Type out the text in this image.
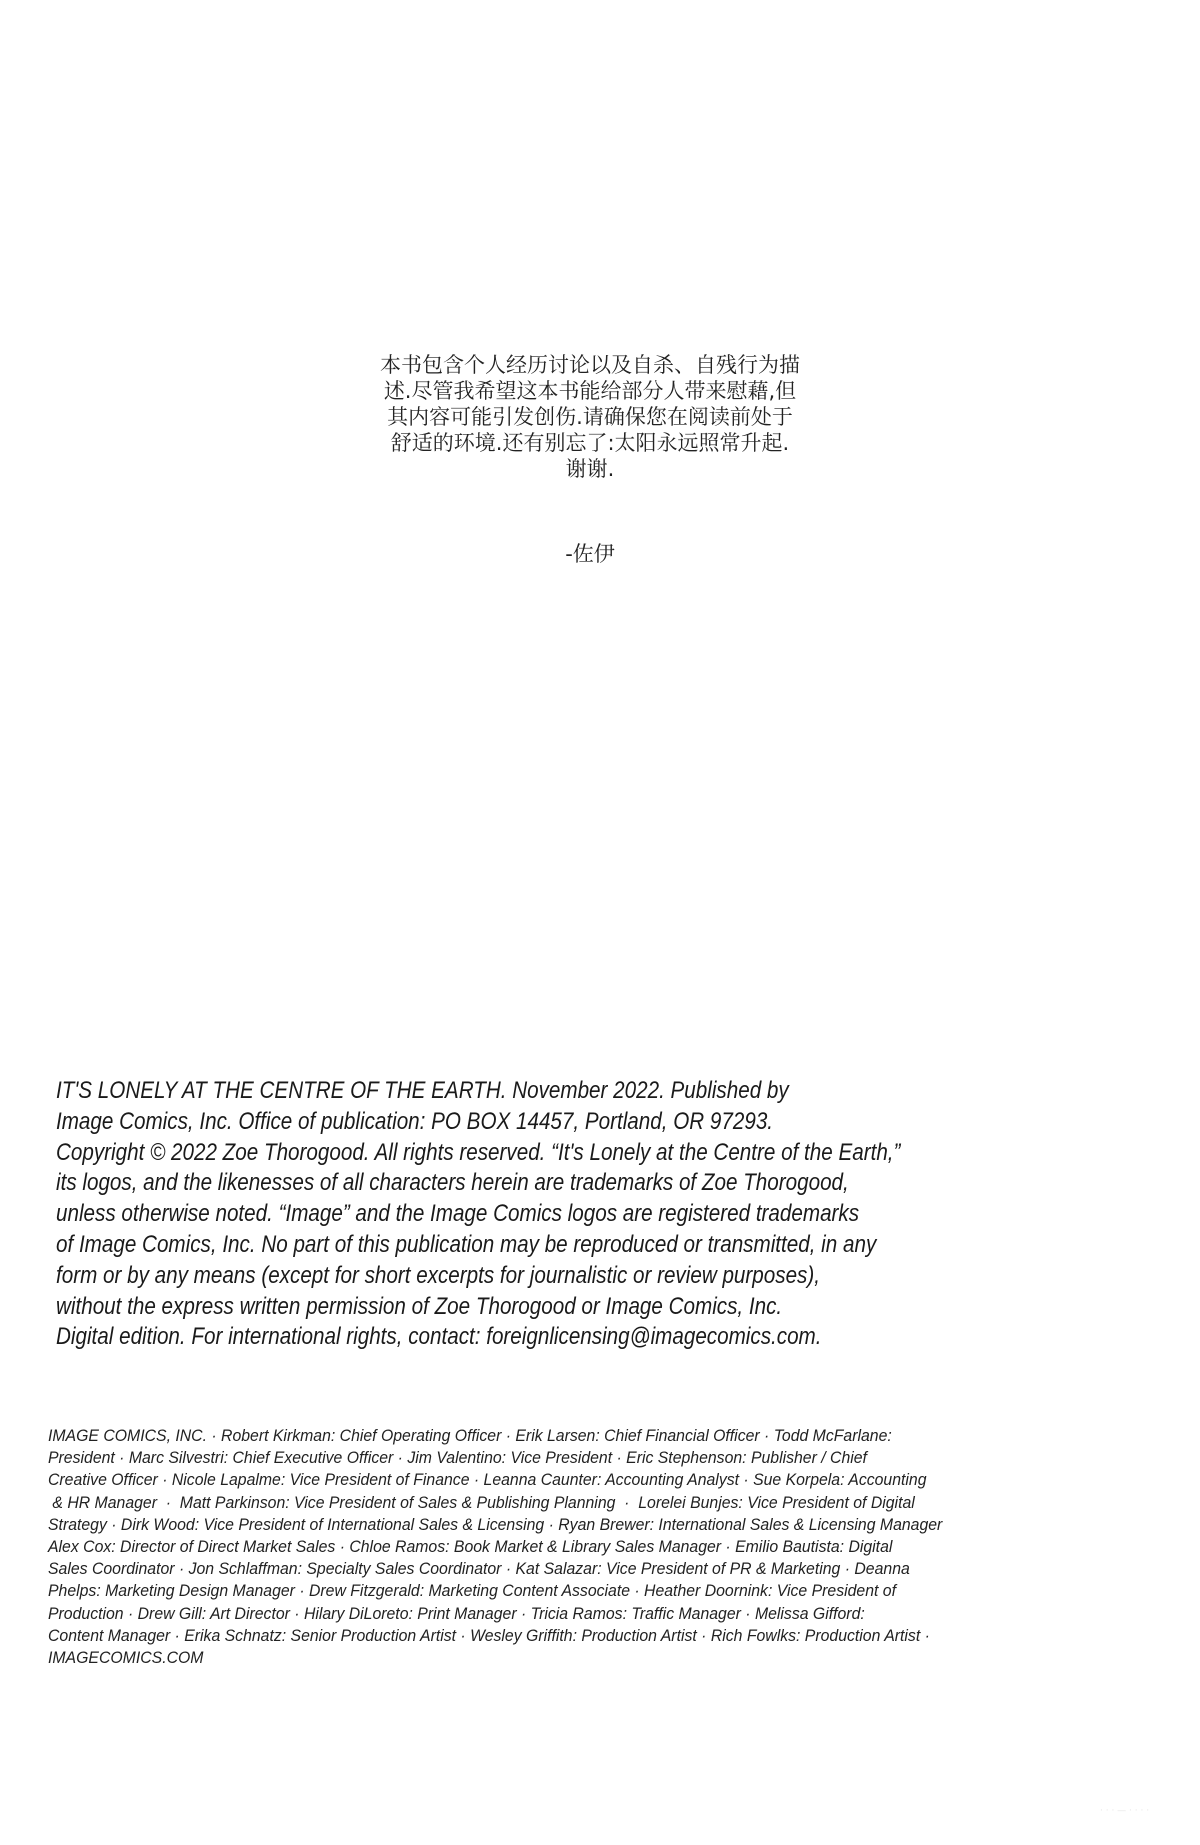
本书包含个人经历讨论以及自杀、自残行为描
述.尽管我希望这本书能给部分人带来慰藉,但
其内容可能引发创伤.请确保您在阅读前处于
舒适的环境.还有别忘了:太阳永远照常升起.
谢谢.
-佐伊
IT'S LONELY AT THE CENTRE OF THE EARTH. November 2022. Published by
Image Comics, Inc. Office of publication: PO BOX 14457, Portland, OR 97293.
Copyright © 2022 Zoe Thorogood. All rights reserved. “It's Lonely at the Centre of the Earth,”
its logos, and the likenesses of all characters herein are trademarks of Zoe Thorogood,
unless otherwise noted. “Image” and the Image Comics logos are registered trademarks
of Image Comics, Inc. No part of this publication may be reproduced or transmitted, in any
form or by any means (except for short excerpts for journalistic or review purposes),
without the express written permission of Zoe Thorogood or Image Comics, Inc.
Digital edition. For international rights, contact: foreignlicensing@imagecomics.com.
IMAGE COMICS, INC. · Robert Kirkman: Chief Operating Officer · Erik Larsen: Chief Financial Officer · Todd McFarlane:
President · Marc Silvestri: Chief Executive Officer · Jim Valentino: Vice President · Eric Stephenson: Publisher / Chief
Creative Officer · Nicole Lapalme: Vice President of Finance · Leanna Caunter: Accounting Analyst · Sue Korpela: Accounting
& HR Manager  ·  Matt Parkinson: Vice President of Sales & Publishing Planning  ·  Lorelei Bunjes: Vice President of Digital
Strategy · Dirk Wood: Vice President of International Sales & Licensing · Ryan Brewer: International Sales & Licensing Manager
Alex Cox: Director of Direct Market Sales · Chloe Ramos: Book Market & Library Sales Manager · Emilio Bautista: Digital
Sales Coordinator · Jon Schlaffman: Specialty Sales Coordinator · Kat Salazar: Vice President of PR & Marketing · Deanna
Phelps: Marketing Design Manager · Drew Fitzgerald: Marketing Content Associate · Heather Doornink: Vice President of
Production · Drew Gill: Art Director · Hilary DiLoreto: Print Manager · Tricia Ramos: Traffic Manager · Melissa Gifford:
Content Manager · Erika Schnatz: Senior Production Artist · Wesley Griffith: Production Artist · Rich Fowlks: Production Artist ·
IMAGECOMICS.COM
· · · — · · · ·
